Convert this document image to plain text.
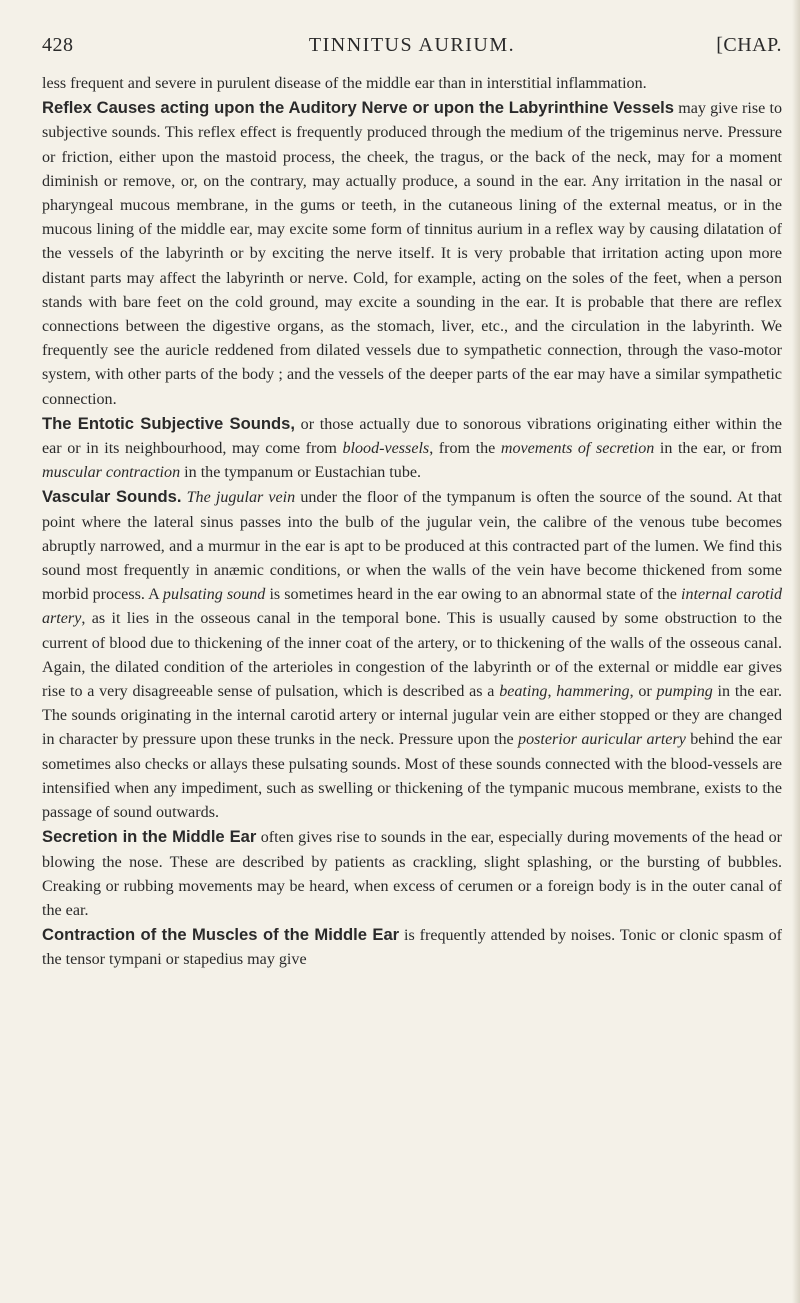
428	TINNITUS AURIUM.	[CHAP.

less frequent and severe in purulent disease of the middle ear than in interstitial inflammation.

Reflex Causes acting upon the Auditory Nerve or upon the Labyrinthine Vessels may give rise to subjective sounds. This reflex effect is frequently produced through the medium of the trigeminus nerve. Pressure or friction, either upon the mastoid process, the cheek, the tragus, or the back of the neck, may for a moment diminish or remove, or, on the contrary, may actually produce, a sound in the ear. Any irritation in the nasal or pharyngeal mucous membrane, in the gums or teeth, in the cutaneous lining of the external meatus, or in the mucous lining of the middle ear, may excite some form of tinnitus aurium in a reflex way by causing dilatation of the vessels of the labyrinth or by exciting the nerve itself. It is very probable that irritation acting upon more distant parts may affect the labyrinth or nerve. Cold, for example, acting on the soles of the feet, when a person stands with bare feet on the cold ground, may excite a sounding in the ear. It is probable that there are reflex connections between the digestive organs, as the stomach, liver, etc., and the circulation in the labyrinth. We frequently see the auricle reddened from dilated vessels due to sympathetic connection, through the vaso-motor system, with other parts of the body ; and the vessels of the deeper parts of the ear may have a similar sympathetic connection.

The Entotic Subjective Sounds, or those actually due to sonorous vibrations originating either within the ear or in its neighbourhood, may come from blood-vessels, from the movements of secretion in the ear, or from muscular contraction in the tympanum or Eustachian tube.

Vascular Sounds. The jugular vein under the floor of the tympanum is often the source of the sound. At that point where the lateral sinus passes into the bulb of the jugular vein, the calibre of the venous tube becomes abruptly narrowed, and a murmur in the ear is apt to be produced at this contracted part of the lumen. We find this sound most frequently in anæmic conditions, or when the walls of the vein have become thickened from some morbid process. A pulsating sound is sometimes heard in the ear owing to an abnormal state of the internal carotid artery, as it lies in the osseous canal in the temporal bone. This is usually caused by some obstruction to the current of blood due to thickening of the inner coat of the artery, or to thickening of the walls of the osseous canal. Again, the dilated condition of the arterioles in congestion of the labyrinth or of the external or middle ear gives rise to a very disagreeable sense of pulsation, which is described as a beating, hammering, or pumping in the ear. The sounds originating in the internal carotid artery or internal jugular vein are either stopped or they are changed in character by pressure upon these trunks in the neck. Pressure upon the posterior auricular artery behind the ear sometimes also checks or allays these pulsating sounds. Most of these sounds connected with the blood-vessels are intensified when any impediment, such as swelling or thickening of the tympanic mucous membrane, exists to the passage of sound outwards.

Secretion in the Middle Ear often gives rise to sounds in the ear, especially during movements of the head or blowing the nose. These are described by patients as crackling, slight splashing, or the bursting of bubbles. Creaking or rubbing movements may be heard, when excess of cerumen or a foreign body is in the outer canal of the ear.

Contraction of the Muscles of the Middle Ear is frequently attended by noises. Tonic or clonic spasm of the tensor tympani or stapedius may give
